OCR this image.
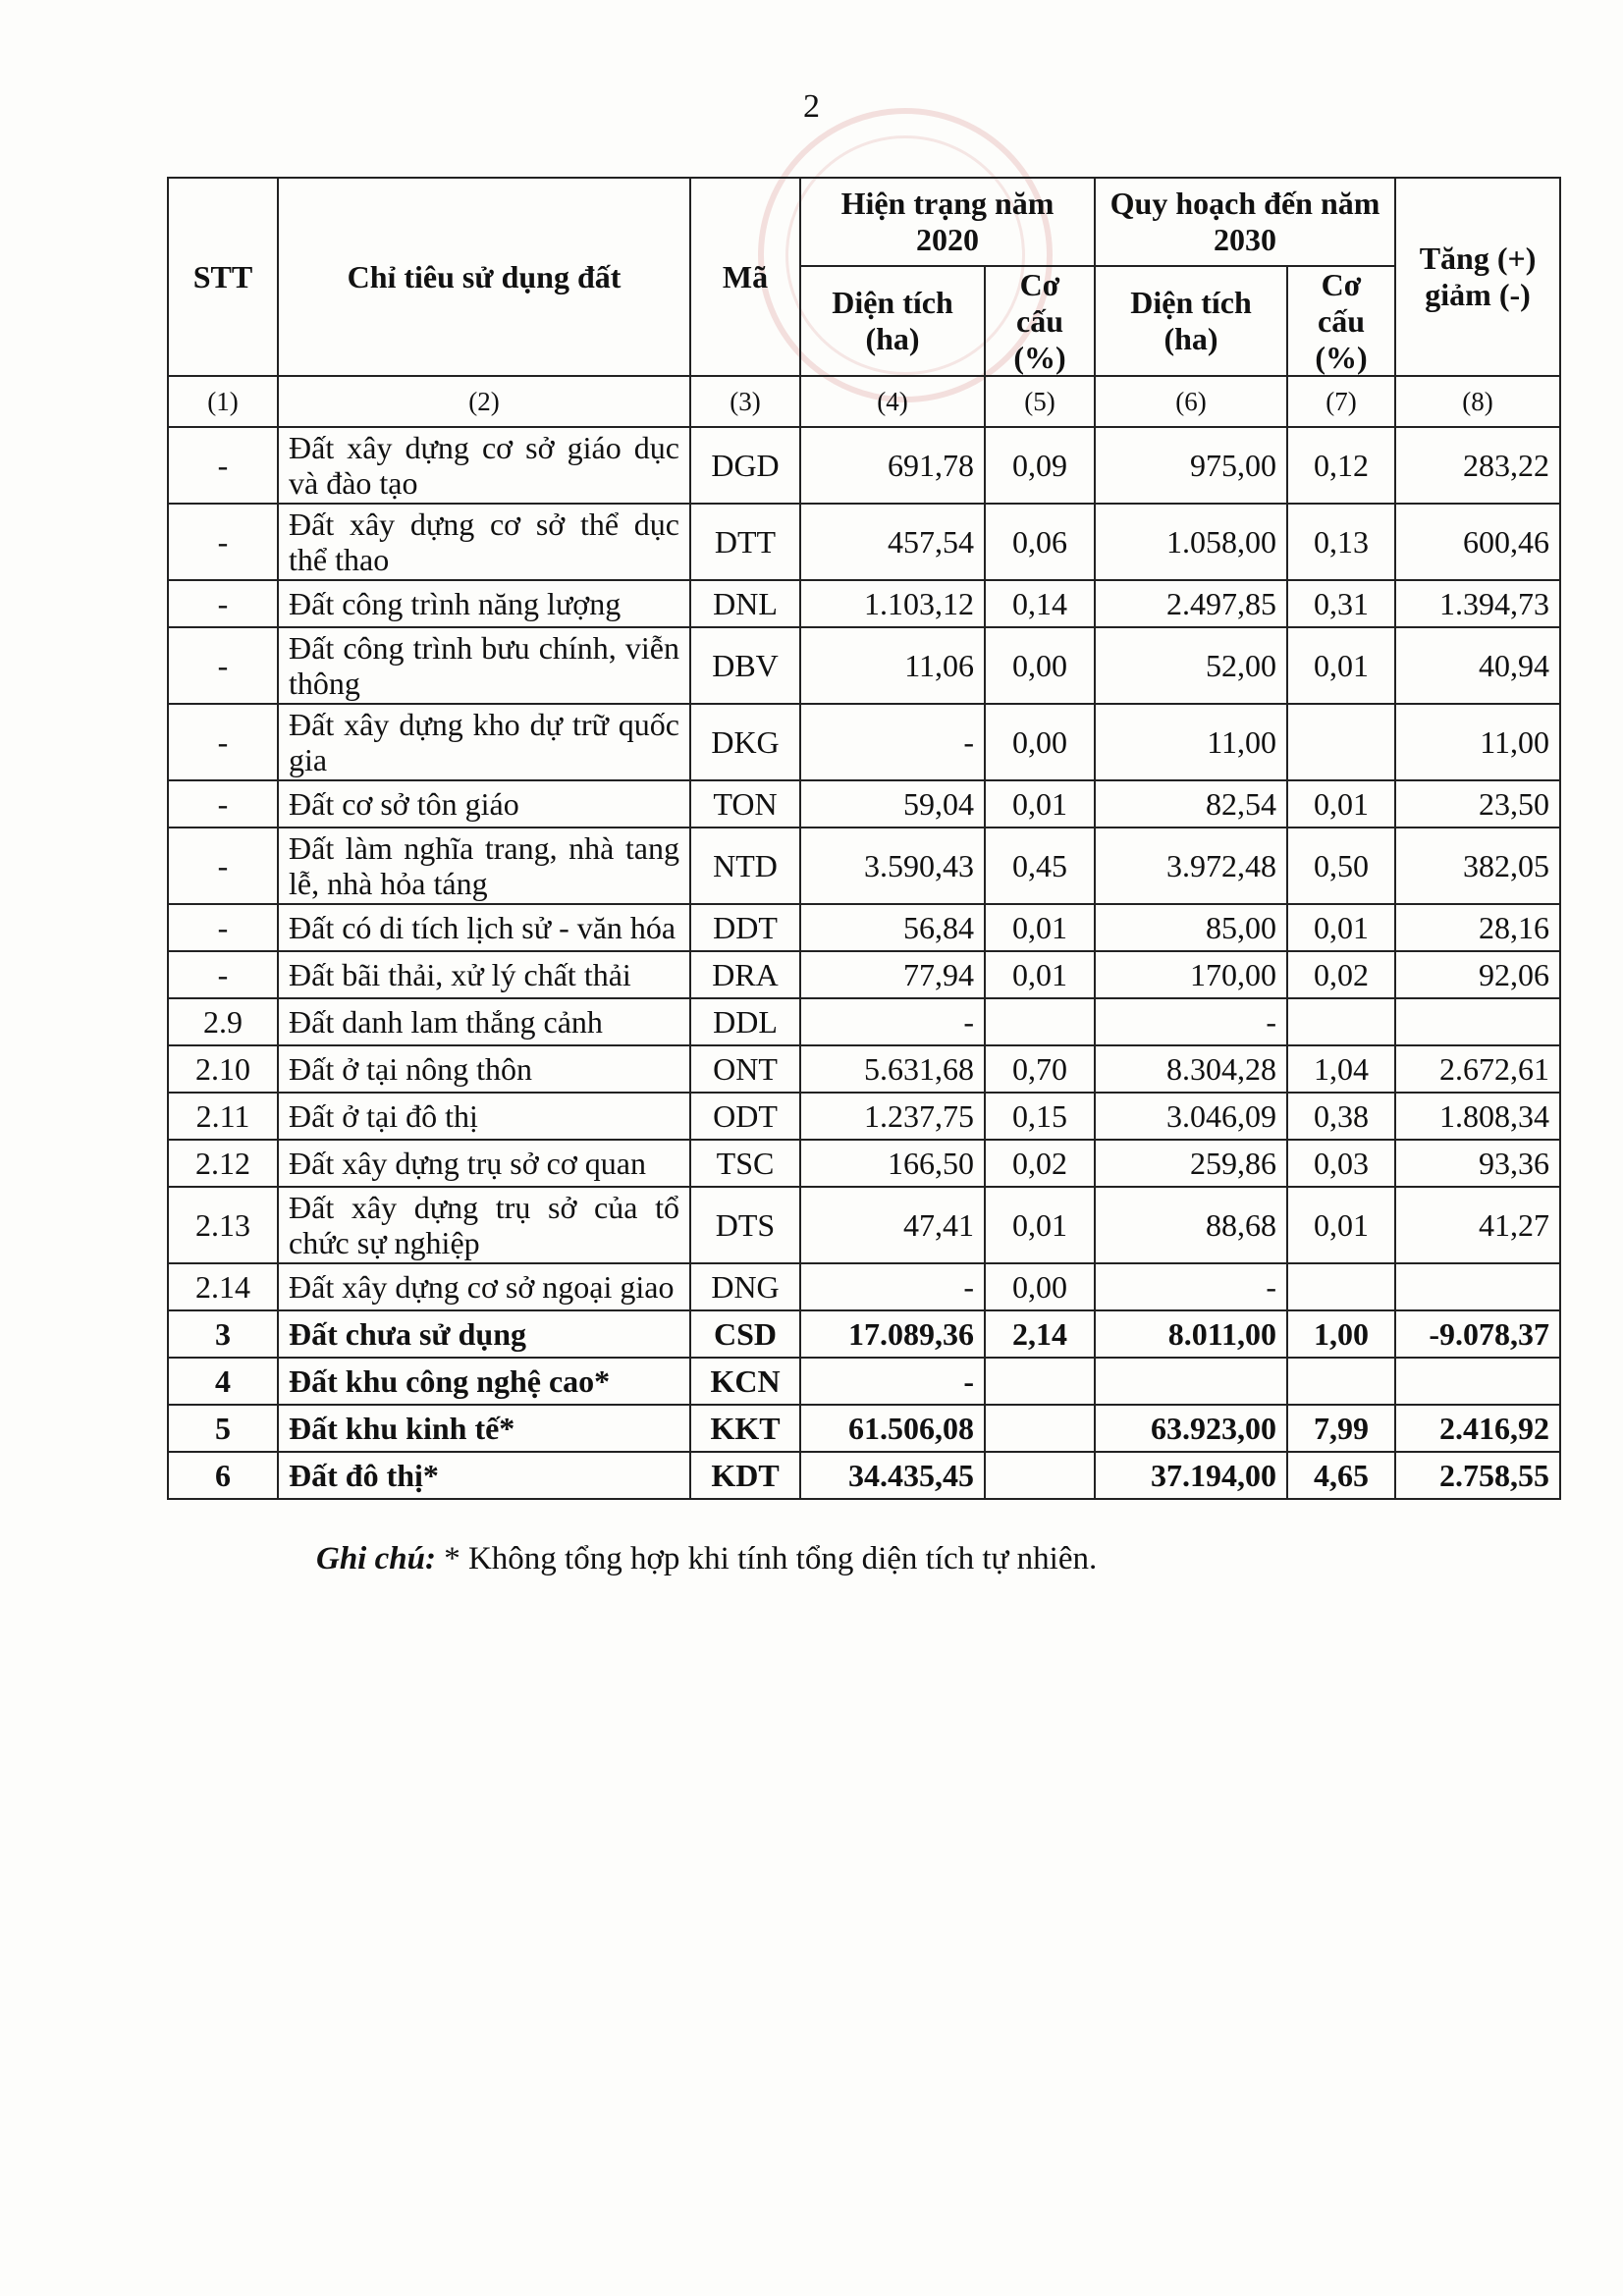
2
STT	Chỉ tiêu sử dụng đất	Mã	Hiện trạng năm 2020		Quy hoạch đến năm 2030		Tăng (+) giảm (-)
			Diện tích (ha)	Cơ cấu (%)	Diện tích (ha)	Cơ cấu (%)	
(1)	(2)	(3)	(4)	(5)	(6)	(7)	(8)
-	Đất xây dựng cơ sở giáo dục và đào tạo	DGD	691,78	0,09	975,00	0,12	283,22
-	Đất xây dựng cơ sở thể dục thể thao	DTT	457,54	0,06	1.058,00	0,13	600,46
-	Đất công trình năng lượng	DNL	1.103,12	0,14	2.497,85	0,31	1.394,73
-	Đất công trình bưu chính, viễn thông	DBV	11,06	0,00	52,00	0,01	40,94
-	Đất xây dựng kho dự trữ quốc gia	DKG	-	0,00	11,00		11,00
-	Đất cơ sở tôn giáo	TON	59,04	0,01	82,54	0,01	23,50
-	Đất làm nghĩa trang, nhà tang lễ, nhà hỏa táng	NTD	3.590,43	0,45	3.972,48	0,50	382,05
-	Đất có di tích lịch sử - văn hóa	DDT	56,84	0,01	85,00	0,01	28,16
-	Đất bãi thải, xử lý chất thải	DRA	77,94	0,01	170,00	0,02	92,06
2.9	Đất danh lam thắng cảnh	DDL	-		-		
2.10	Đất ở tại nông thôn	ONT	5.631,68	0,70	8.304,28	1,04	2.672,61
2.11	Đất ở tại đô thị	ODT	1.237,75	0,15	3.046,09	0,38	1.808,34
2.12	Đất xây dựng trụ sở cơ quan	TSC	166,50	0,02	259,86	0,03	93,36
2.13	Đất xây dựng trụ sở của tổ chức sự nghiệp	DTS	47,41	0,01	88,68	0,01	41,27
2.14	Đất xây dựng cơ sở ngoại giao	DNG	-	0,00	-		
3	Đất chưa sử dụng	CSD	17.089,36	2,14	8.011,00	1,00	-9.078,37
4	Đất khu công nghệ cao*	KCN	-				
5	Đất khu kinh tế*	KKT	61.506,08		63.923,00	7,99	2.416,92
6	Đất đô thị*	KDT	34.435,45		37.194,00	4,65	2.758,55
Ghi chú: * Không tổng hợp khi tính tổng diện tích tự nhiên.
